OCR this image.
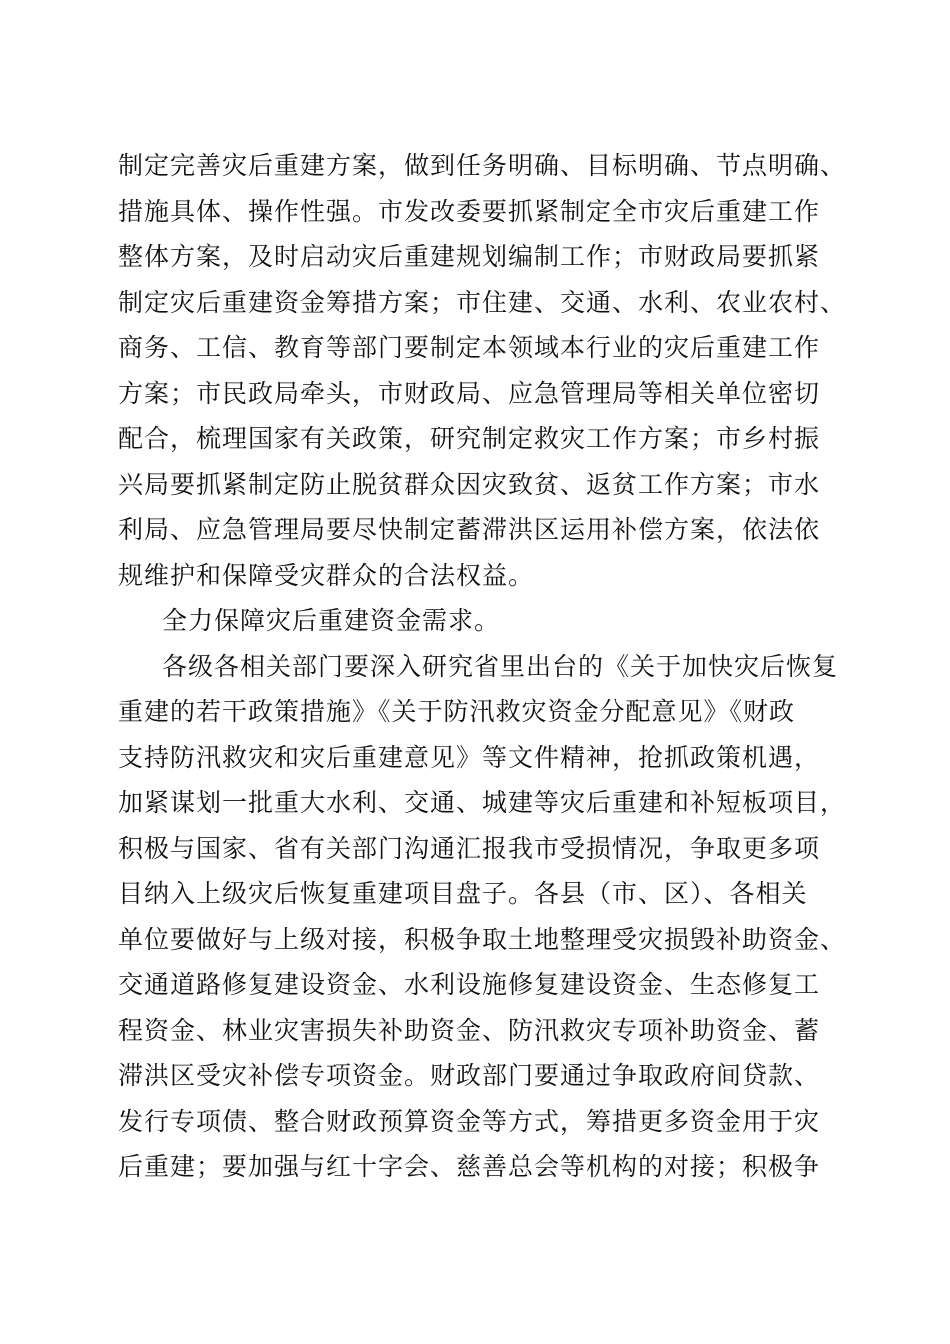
制定完善灾后重建方案，做到任务明确、目标明确、节点明确、
措施具体、操作性强。市发改委要抓紧制定全市灾后重建工作
整体方案，及时启动灾后重建规划编制工作；市财政局要抓紧
制定灾后重建资金筹措方案；市住建、交通、水利、农业农村、
商务、工信、教育等部门要制定本领域本行业的灾后重建工作
方案；市民政局牵头，市财政局、应急管理局等相关单位密切
配合，梳理国家有关政策，研究制定救灾工作方案；市乡村振
兴局要抓紧制定防止脱贫群众因灾致贫、返贫工作方案；市水
利局、应急管理局要尽快制定蓄滞洪区运用补偿方案，依法依
规维护和保障受灾群众的合法权益。
全力保障灾后重建资金需求。
各级各相关部门要深入研究省里出台的《关于加快灾后恢复
重建的若干政策措施》《关于防汛救灾资金分配意见》《财政
支持防汛救灾和灾后重建意见》等文件精神，抢抓政策机遇，
加紧谋划一批重大水利、交通、城建等灾后重建和补短板项目，
积极与国家、省有关部门沟通汇报我市受损情况，争取更多项
目纳入上级灾后恢复重建项目盘子。各县（市、区）、各相关
单位要做好与上级对接，积极争取土地整理受灾损毁补助资金、
交通道路修复建设资金、水利设施修复建设资金、生态修复工
程资金、林业灾害损失补助资金、防汛救灾专项补助资金、蓄
滞洪区受灾补偿专项资金。财政部门要通过争取政府间贷款、
发行专项债、整合财政预算资金等方式，筹措更多资金用于灾
后重建；要加强与红十字会、慈善总会等机构的对接；积极争
